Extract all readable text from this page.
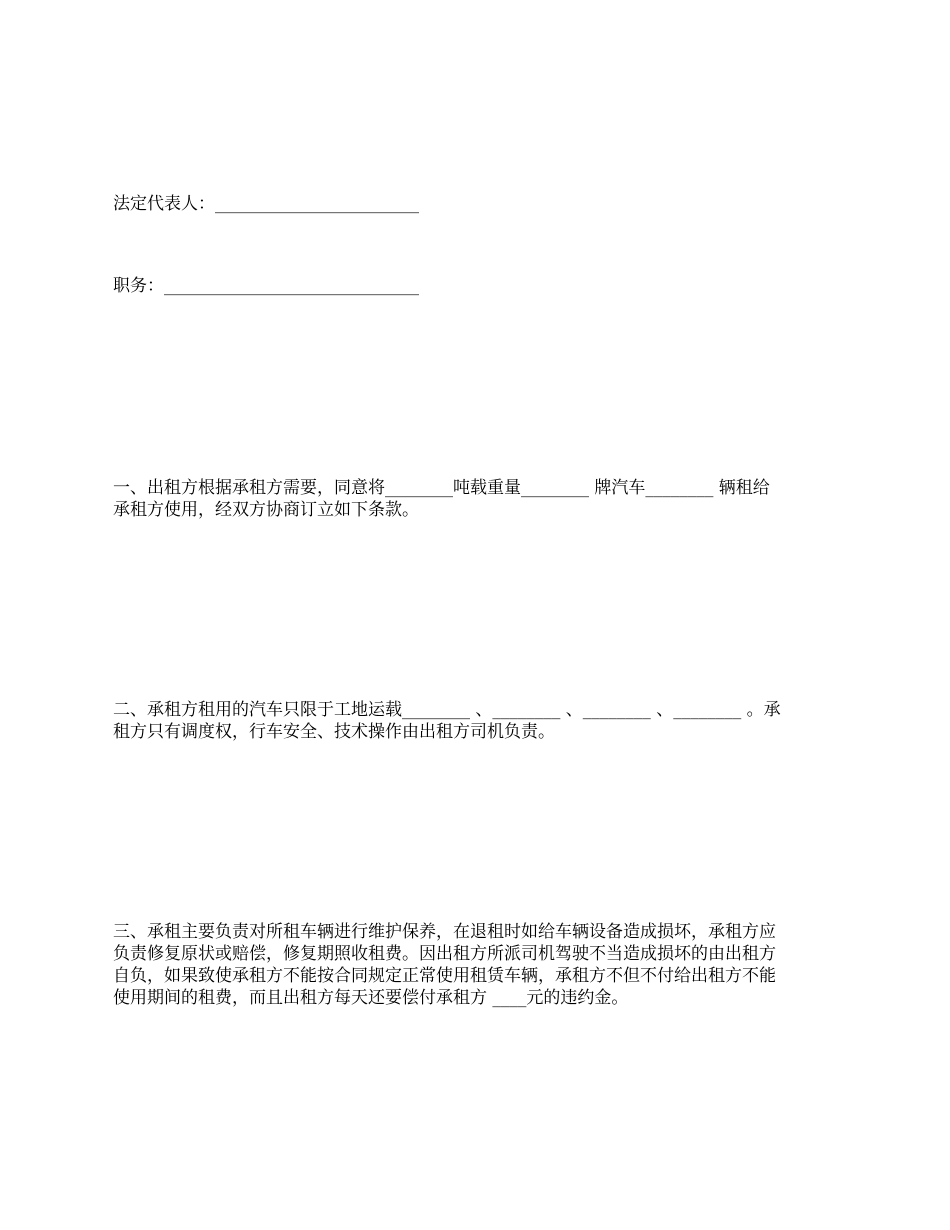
法定代表人：________________________
职务：______________________________

一、出租方根据承租方需要，同意将________吨载重量________ 牌汽车________ 辆租给

承租方使用，经双方协商订立如下条款。

二、承租方租用的汽车只限于工地运载________ 、________ 、________ 、________ 。承

租方只有调度权，行车安全、技术操作由出租方司机负责。

三、承租主要负责对所租车辆进行维护保养，在退租时如给车辆设备造成损坏，承租方应

负责修复原状或赔偿，修复期照收租费。因出租方所派司机驾驶不当造成损坏的由出租方

自负，如果致使承租方不能按合同规定正常使用租赁车辆，承租方不但不付给出租方不能

使用期间的租费，而且出租方每天还要偿付承租方 ____元的违约金。
